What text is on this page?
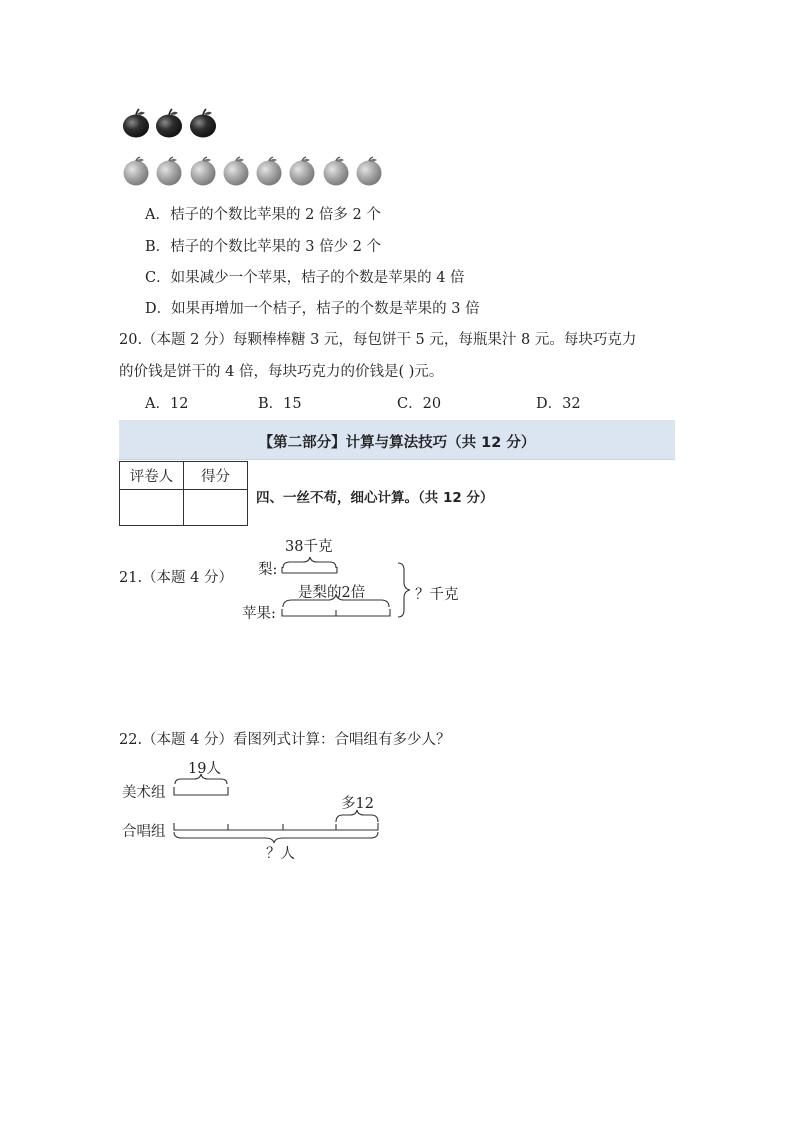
A．桔子的个数比苹果的 2 倍多 2 个
B．桔子的个数比苹果的 3 倍少 2 个
C．如果减少一个苹果，桔子的个数是苹果的 4 倍
D．如果再增加一个桔子，桔子的个数是苹果的 3 倍
20.（本题 2 分）每颗棒棒糖 3 元，每包饼干 5 元，每瓶果汁 8 元。每块巧克力
的价钱是饼干的 4 倍，每块巧克力的价钱是( )元。
A．12	B．15	C．20	D．32
【第二部分】计算与算法技巧（共 12 分）
评卷人	得分

四、一丝不苟，细心计算。（共 12 分）
21.（本题 4 分）
38千克
梨:
是梨的2倍
苹果:
？千克
22.（本题 4 分）看图列式计算：合唱组有多少人？
19人
美术组
多12
合唱组
？人
